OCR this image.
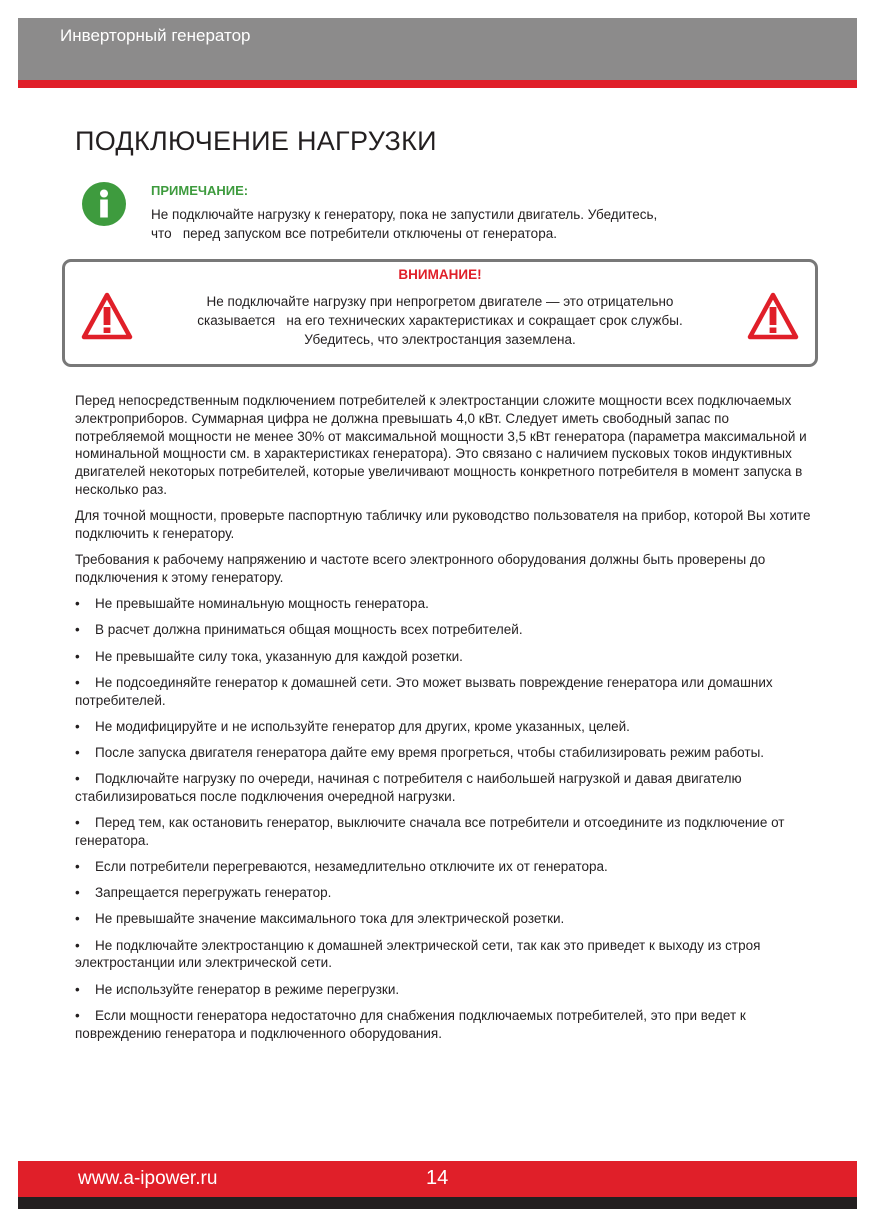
Инверторный генератор
ПОДКЛЮЧЕНИЕ НАГРУЗКИ
ПРИМЕЧАНИЕ:
Не подключайте нагрузку к генератору, пока не запустили двигатель. Убедитесь,
что   перед запуском все потребители отключены от генератора.
ВНИМАНИЕ!
Не подключайте нагрузку при непрогретом двигателе — это отрицательно
сказывается   на его технических характеристиках и сокращает срок службы.
Убедитесь, что электростанция заземлена.

Перед непосредственным подключением потребителей к электростанции сложите мощности всех подключаемых электроприборов. Суммарная цифра не должна превышать 4,0 кВт. Следует иметь свободный запас по потребляемой мощности не менее 30% от максимальной мощности 3,5 кВт генератора (параметра максимальной и номинальной мощности см. в характеристиках генератора). Это связано с наличием пусковых токов индуктивных двигателей некоторых потребителей, которые увеличивают мощность конкретного потребителя в момент запуска в несколько раз.

Для точной мощности, проверьте паспортную табличку или руководство пользователя на прибор, которой Вы хотите подключить к генератору.

Требования к рабочему напряжению и частоте всего электронного оборудования должны быть проверены до подключения к этому генератору.

• Не превышайте номинальную мощность генератора.
• В расчет должна приниматься общая мощность всех потребителей.
• Не превышайте силу тока, указанную для каждой розетки.
• Не подсоединяйте генератор к домашней сети. Это может вызвать повреждение генератора или домашних потребителей.
• Не модифицируйте и не используйте генератор для других, кроме указанных, целей.
• После запуска двигателя генератора дайте ему время прогреться, чтобы стабилизировать режим работы.
• Подключайте нагрузку по очереди, начиная с потребителя с наибольшей нагрузкой и давая двигателю стабилизироваться после подключения очередной нагрузки.
• Перед тем, как остановить генератор, выключите сначала все потребители и отсоедините из подключение от генератора.
• Если потребители перегреваются, незамедлительно отключите их от генератора.
• Запрещается перегружать генератор.
• Не превышайте значение максимального тока для электрической розетки.
• Не подключайте электростанцию к домашней электрической сети, так как это приведет к выходу из строя электростанции или электрической сети.
• Не используйте генератор в режиме перегрузки.
• Если мощности генератора недостаточно для снабжения подключаемых потребителей, это при ведет к повреждению генератора и подключенного оборудования.
www.a-ipower.ru	14
